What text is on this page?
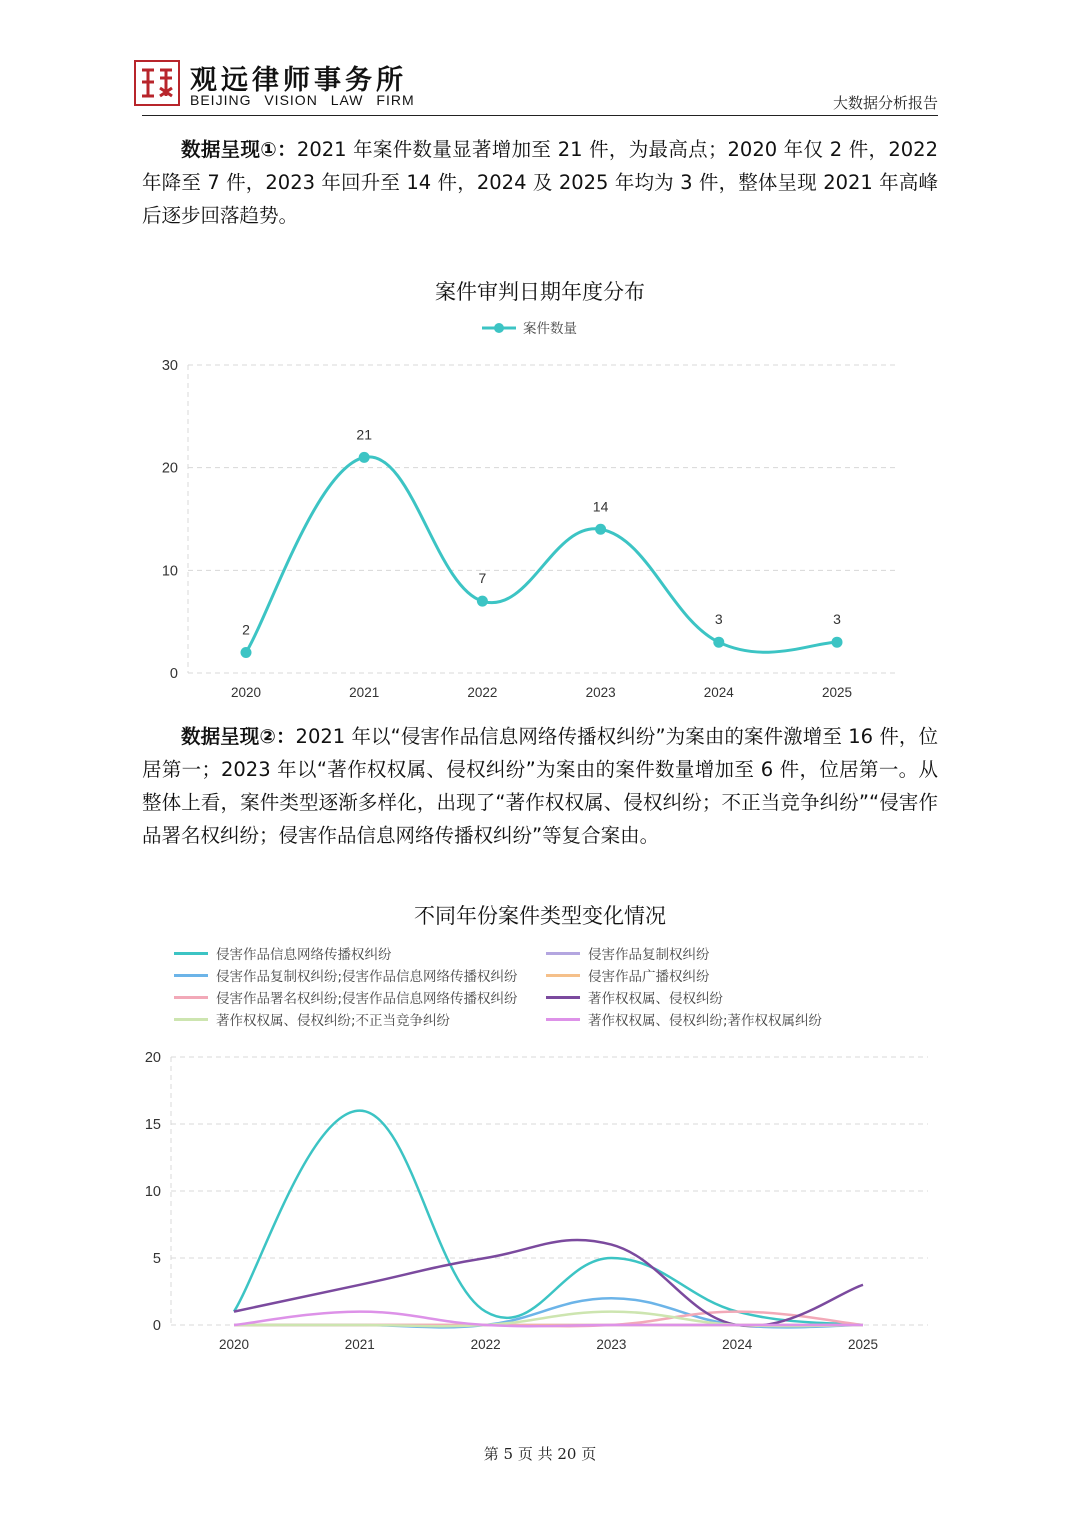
观远律师事务所
BEIJING VISION LAW FIRM	大数据分析报告

数据呈现①：2021 年案件数量显著增加至 21 件，为最高点；2020 年仅 2 件，2022 年降至 7 件，2023 年回升至 14 件，2024 及 2025 年均为 3 件，整体呈现 2021 年高峰后逐步回落趋势。

案件审判日期年度分布
案件数量
0
10
20
30
2020	2021	2022	2023	2024	2025
2
21
7
14
3	3

数据呈现②：2021 年以“侵害作品信息网络传播权纠纷”为案由的案件激增至 16 件，位居第一；2023 年以“著作权权属、侵权纠纷”为案由的案件数量增加至 6 件，位居第一。从整体上看，案件类型逐渐多样化，出现了“著作权权属、侵权纠纷；不正当竞争纠纷”“侵害作品署名权纠纷；侵害作品信息网络传播权纠纷”等复合案由。

不同年份案件类型变化情况
侵害作品信息网络传播权纠纷	侵害作品复制权纠纷
侵害作品复制权纠纷;侵害作品信息网络传播权纠纷	侵害作品广播权纠纷
侵害作品署名权纠纷;侵害作品信息网络传播权纠纷	著作权权属、侵权纠纷
著作权权属、侵权纠纷;不正当竞争纠纷	著作权权属、侵权纠纷;著作权权属纠纷
0
5
10
15
20
2020	2021	2022	2023	2024	2025
第 5 页 共 20 页
